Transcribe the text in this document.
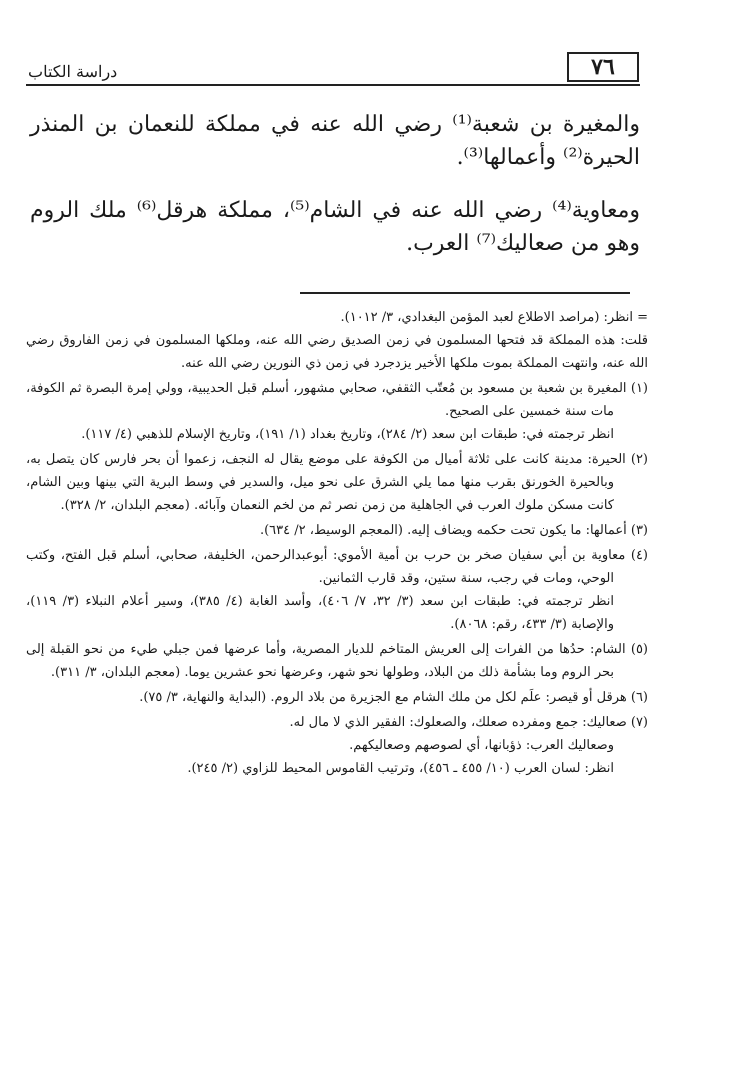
٧٦
دراسة الكتاب

والمغيرة بن شعبة⁽¹⁾ رضي الله عنه في مملكة للنعمان بن المنذر الحيرة⁽²⁾ وأعمالها⁽³⁾.

ومعاوية⁽⁴⁾ رضي الله عنه في الشام⁽⁵⁾، مملكة هرقل⁽⁶⁾ ملك الروم وهو من صعاليك⁽⁷⁾ العرب.

= انظر: (مراصد الاطلاع لعبد المؤمن البغدادي، ٣/ ١٠١٢).

قلت: هذه المملكة قد فتحها المسلمون في زمن الصديق رضي الله عنه، وملكها المسلمون في زمن الفاروق رضي الله عنه، وانتهت المملكة بموت ملكها الأخير يزدجرد في زمن ذي النورين رضي الله عنه.

(١) المغيرة بن شعبة بن مسعود بن مُعتّب الثقفي، صحابي مشهور، أسلم قبل الحديبية، وولي إمرة البصرة ثم الكوفة، مات سنة خمسين على الصحيح.

انظر ترجمته في: طبقات ابن سعد (٢/ ٢٨٤)، وتاريخ بغداد (١/ ١٩١)، وتاريخ الإسلام للذهبي (٤/ ١١٧).

(٢) الحيرة: مدينة كانت على ثلاثة أميال من الكوفة على موضع يقال له النجف، زعموا أن بحر فارس كان يتصل به، وبالحيرة الخورنق بقرب منها مما يلي الشرق على نحو ميل، والسدير في وسط البرية التي بينها وبين الشام، كانت مسكن ملوك العرب في الجاهلية من زمن نصر ثم من لخم النعمان وآبائه. (معجم البلدان، ٢/ ٣٢٨).

(٣) أعمالها: ما يكون تحت حكمه ويضاف إليه. (المعجم الوسيط، ٢/ ٦٣٤).

(٤) معاوية بن أبي سفيان صخر بن حرب بن أمية الأموي: أبوعبدالرحمن، الخليفة، صحابي، أسلم قبل الفتح، وكتب الوحي، ومات في رجب، سنة ستين، وقد قارب الثمانين.

انظر ترجمته في: طبقات ابن سعد (٣/ ٣٢، ٧/ ٤٠٦)، وأسد الغابة (٤/ ٣٨٥)، وسير أعلام النبلاء (٣/ ١١٩)، والإصابة (٣/ ٤٣٣، رقم: ٨٠٦٨).

(٥) الشام: حدُها من الفرات إلى العريش المتاخم للديار المصرية، وأما عرضها فمن جبلي طيء من نحو القبلة إلى بحر الروم وما بشأمة ذلك من البلاد، وطولها نحو شهر، وعرضها نحو عشرين يوما. (معجم البلدان، ٣/ ٣١١).

(٦) هرقل أو قيصر: علَم لكل من ملك الشام مع الجزيرة من بلاد الروم. (البداية والنهاية، ٣/ ٧٥).

(٧) صعاليك: جمع ومفرده صعلك، والصعلوك: الفقير الذي لا مال له.

وصعاليك العرب: ذؤبانها، أي لصوصهم وصعاليكهم.

انظر: لسان العرب (١٠/ ٤٥٥ ـ ٤٥٦)، وترتيب القاموس المحيط للزاوي (٢/ ٢٤٥).
